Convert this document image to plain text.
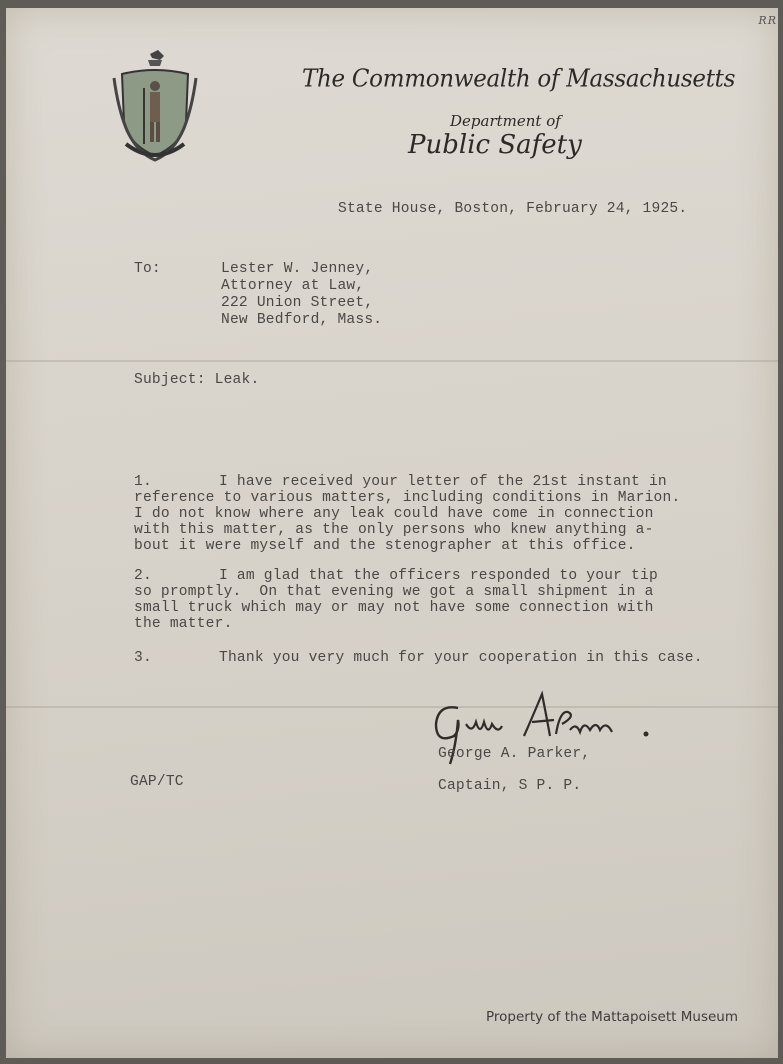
RR
The Commonwealth of Massachusetts
Department of
Public Safety
State House, Boston, February 24, 1925.
To:	Lester W. Jenney,
Attorney at Law,
222 Union Street,
New Bedford, Mass.
Subject: Leak.
1.	I have received your letter of the 21st instant in
reference to various matters, including conditions in Marion.
I do not know where any leak could have come in connection
with this matter, as the only persons who knew anything a-
bout it were myself and the stenographer at this office.
2.	I am glad that the officers responded to your tip
so promptly.  On that evening we got a small shipment in a
small truck which may or may not have some connection with
the matter.
3.	Thank you very much for your cooperation in this case.
George A. Parker,
Captain, S P. P.
GAP/TC
Property of the Mattapoisett Museum
